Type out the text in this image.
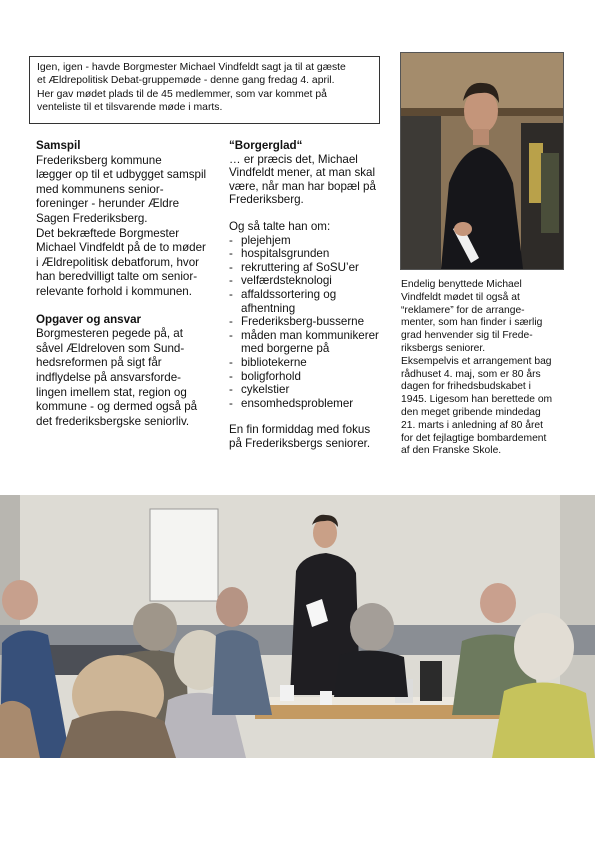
Igen, igen - havde Borgmester Michael Vindfeldt sagt ja til at gæste
et Ældrepolitisk Debat-gruppemøde - denne gang fredag 4. april.
Her gav mødet plads til de 45 medlemmer, som var kommet på
venteliste til et tilsvarende møde i marts.
Samspil
Frederiksberg kommune
lægger op til et udbygget samspil
med kommunens senior-
foreninger - herunder Ældre
Sagen Frederiksberg.
Det bekræftede Borgmester
Michael Vindfeldt på de to møder
i Ældrepolitisk debatforum, hvor
han beredvilligt talte om senior-
relevante forhold i kommunen.
Opgaver og ansvar
Borgmesteren pegede på, at
såvel Ældreloven som Sund-
hedsreformen på sigt får
indflydelse på ansvarsforde-
lingen imellem stat, region og
kommune - og dermed også på
det frederiksbergske seniorliv.
“Borgerglad“
… er præcis det, Michael
Vindfeldt mener, at man skal
være, når man har bopæl på
Frederiksberg.
Og så talte han om:
- plejehjem
- hospitalsgrunden
- rekruttering af SoSU’er
- velfærdsteknologi
- affaldssortering og
afhentning
- Frederiksberg-busserne
- måden man kommunikerer
med borgerne på
- bibliotekerne
- boligforhold
- cykelstier
- ensomhedsproblemer
En fin formiddag med fokus
på Frederiksbergs seniorer.
Endelig benyttede Michael
Vindfeldt mødet til også at
“reklamere” for de arrange-
menter, som han finder i særlig
grad henvender sig til Frede-
riksbergs seniorer.
Eksempelvis et arrangement bag
rådhuset 4. maj, som er 80 års
dagen for frihedsbudskabet i
1945. Ligesom han berettede om
den meget gribende mindedag
21. marts i anledning af 80 året
for det fejlagtige bombardement
af den Franske Skole.
